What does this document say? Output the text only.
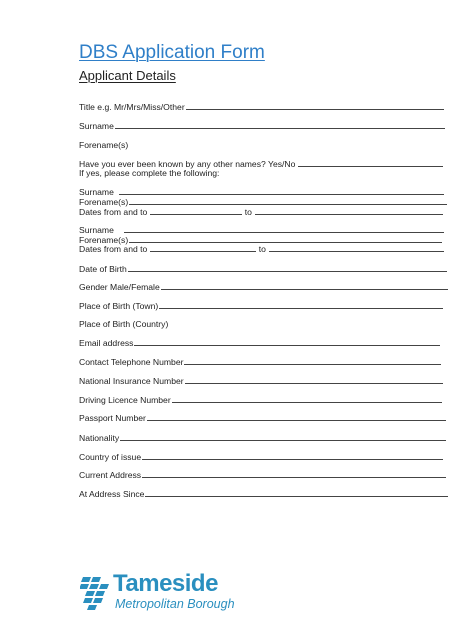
DBS Application Form
Applicant Details
Title e.g. Mr/Mrs/Miss/Other
Surname
Forename(s)
Have you ever been known by any other names? Yes/No
If yes, please complete the following:
Surname
Forename(s)
Dates from and to	to
Surname
Forename(s)
Dates from and to	to
Date of Birth
Gender Male/Female
Place of Birth (Town)
Place of Birth (Country)
Email address
Contact Telephone Number
National Insurance Number
Driving Licence Number
Passport Number
Nationality
Country of issue
Current Address
At Address Since
Tameside
Metropolitan Borough
